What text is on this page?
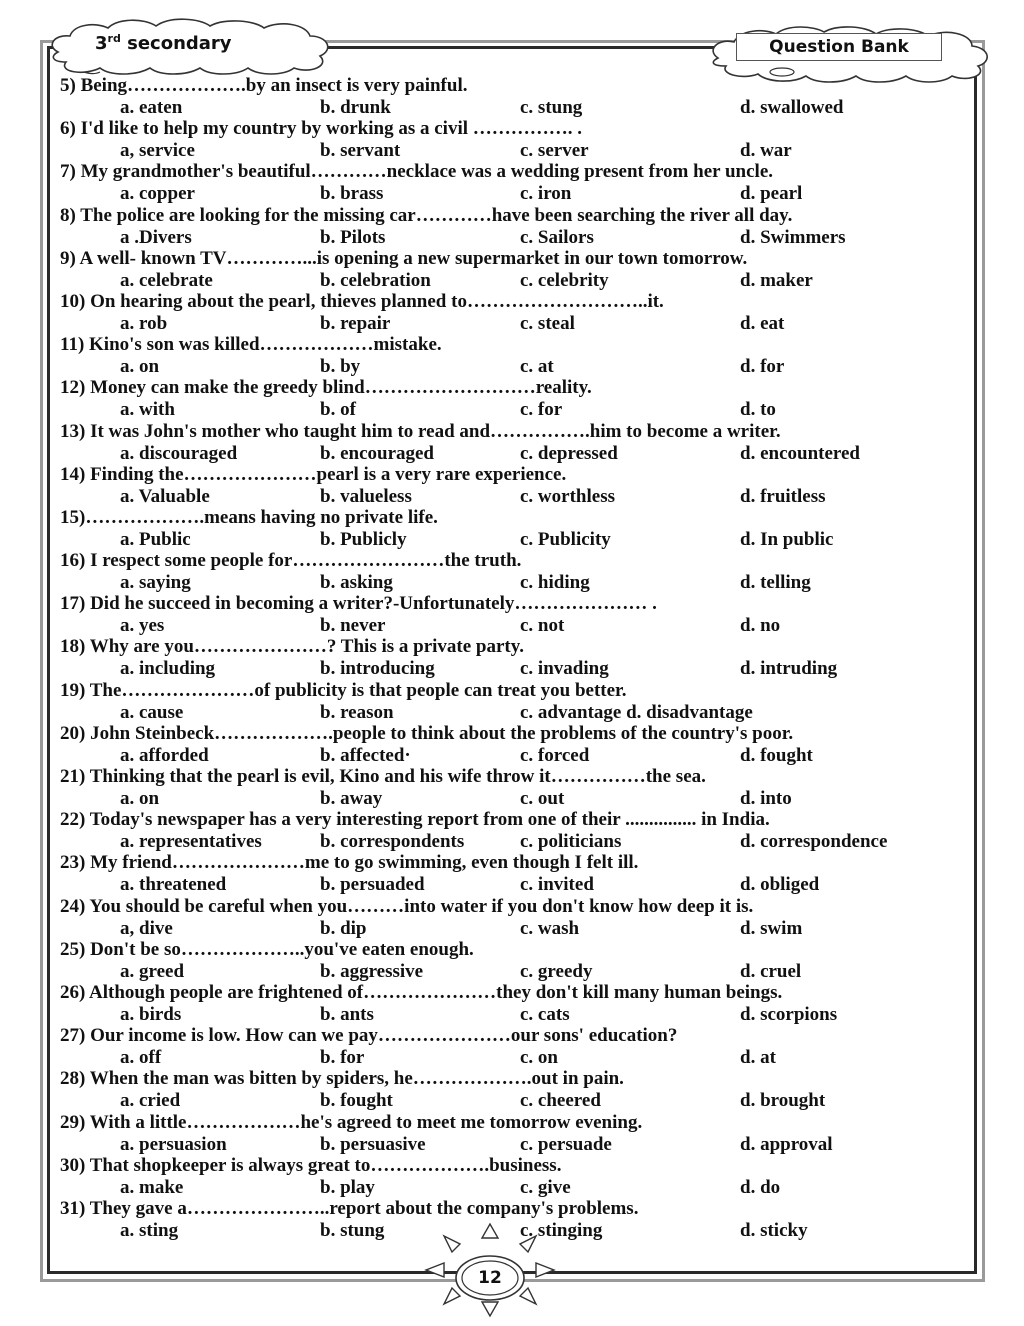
3rd secondary	Question Bank
5) Being……………….by an insect is very painful.
a. eaten	b. drunk	c. stung	d. swallowed
6) I'd like to help my country by working as a civil ……………. .
a, service	b. servant	c. server	d. war
7) My grandmother's beautiful…………necklace was a wedding present from her uncle.
a. copper	b. brass	c. iron	d. pearl
8) The police are looking for the missing car…………have been searching the river all day.
a .Divers	b. Pilots	c. Sailors	d. Swimmers
9) A well- known TV…………...is opening a new supermarket in our town tomorrow.
a. celebrate	b. celebration	c. celebrity	d. maker
10) On hearing about the pearl, thieves planned to………………………..it.
a. rob	b. repair	c. steal	d. eat
11) Kino's son was killed………………mistake.
a. on	b. by	c. at	d. for
12) Money can make the greedy blind………………………reality.
a. with	b. of	c. for	d. to
13) It was John's mother who taught him to read and…………….him to become a writer.
a. discouraged	b. encouraged	c. depressed	d. encountered
14) Finding the…………………pearl is a very rare experience.
a. Valuable	b. valueless	c. worthless	d. fruitless
15)……………….means having no private life.
a. Public	b. Publicly	c. Publicity	d. In public
16) I respect some people for……………………the truth.
a. saying	b. asking	c. hiding	d. telling
17) Did he succeed in becoming a writer?-Unfortunately………………… .
a. yes	b. never	c. not	d. no
18) Why are you…………………? This is a private party.
a. including	b. introducing	c. invading	d. intruding
19) The…………………of publicity is that people can treat you better.
a. cause	b. reason	c. advantage d. disadvantage
20) John Steinbeck……………….people to think about the problems of the country's poor.
a. afforded	b. affected·	c. forced	d. fought
21) Thinking that the pearl is evil, Kino and his wife throw it……………the sea.
a. on	b. away	c. out	d. into
22) Today's newspaper has a very interesting report from one of their ............... in India.
a. representatives	b. correspondents	c. politicians	d. correspondence
23) My friend…………………me to go swimming, even though I felt ill.
a. threatened	b. persuaded	c. invited	d. obliged
24) You should be careful when you………into water if you don't know how deep it is.
a, dive	b. dip	c. wash	d. swim
25) Don't be so………………..you've eaten enough.
a. greed	b. aggressive	c. greedy	d. cruel
26) Although people are frightened of…………………they don't kill many human beings.
a. birds	b. ants	c. cats	d. scorpions
27) Our income is low. How can we pay…………………our sons' education?
a. off	b. for	c. on	d. at
28) When the man was bitten by spiders, he……………….out in pain.
a. cried	b. fought	c. cheered	d. brought
29) With a little………………he's agreed to meet me tomorrow evening.
a. persuasion	b. persuasive	c. persuade	d. approval
30) That shopkeeper is always great to……………….business.
a. make	b. play	c. give	d. do
31) They gave a…………………..report about the company's problems.
a. sting	b. stung	c. stinging	d. sticky
12
